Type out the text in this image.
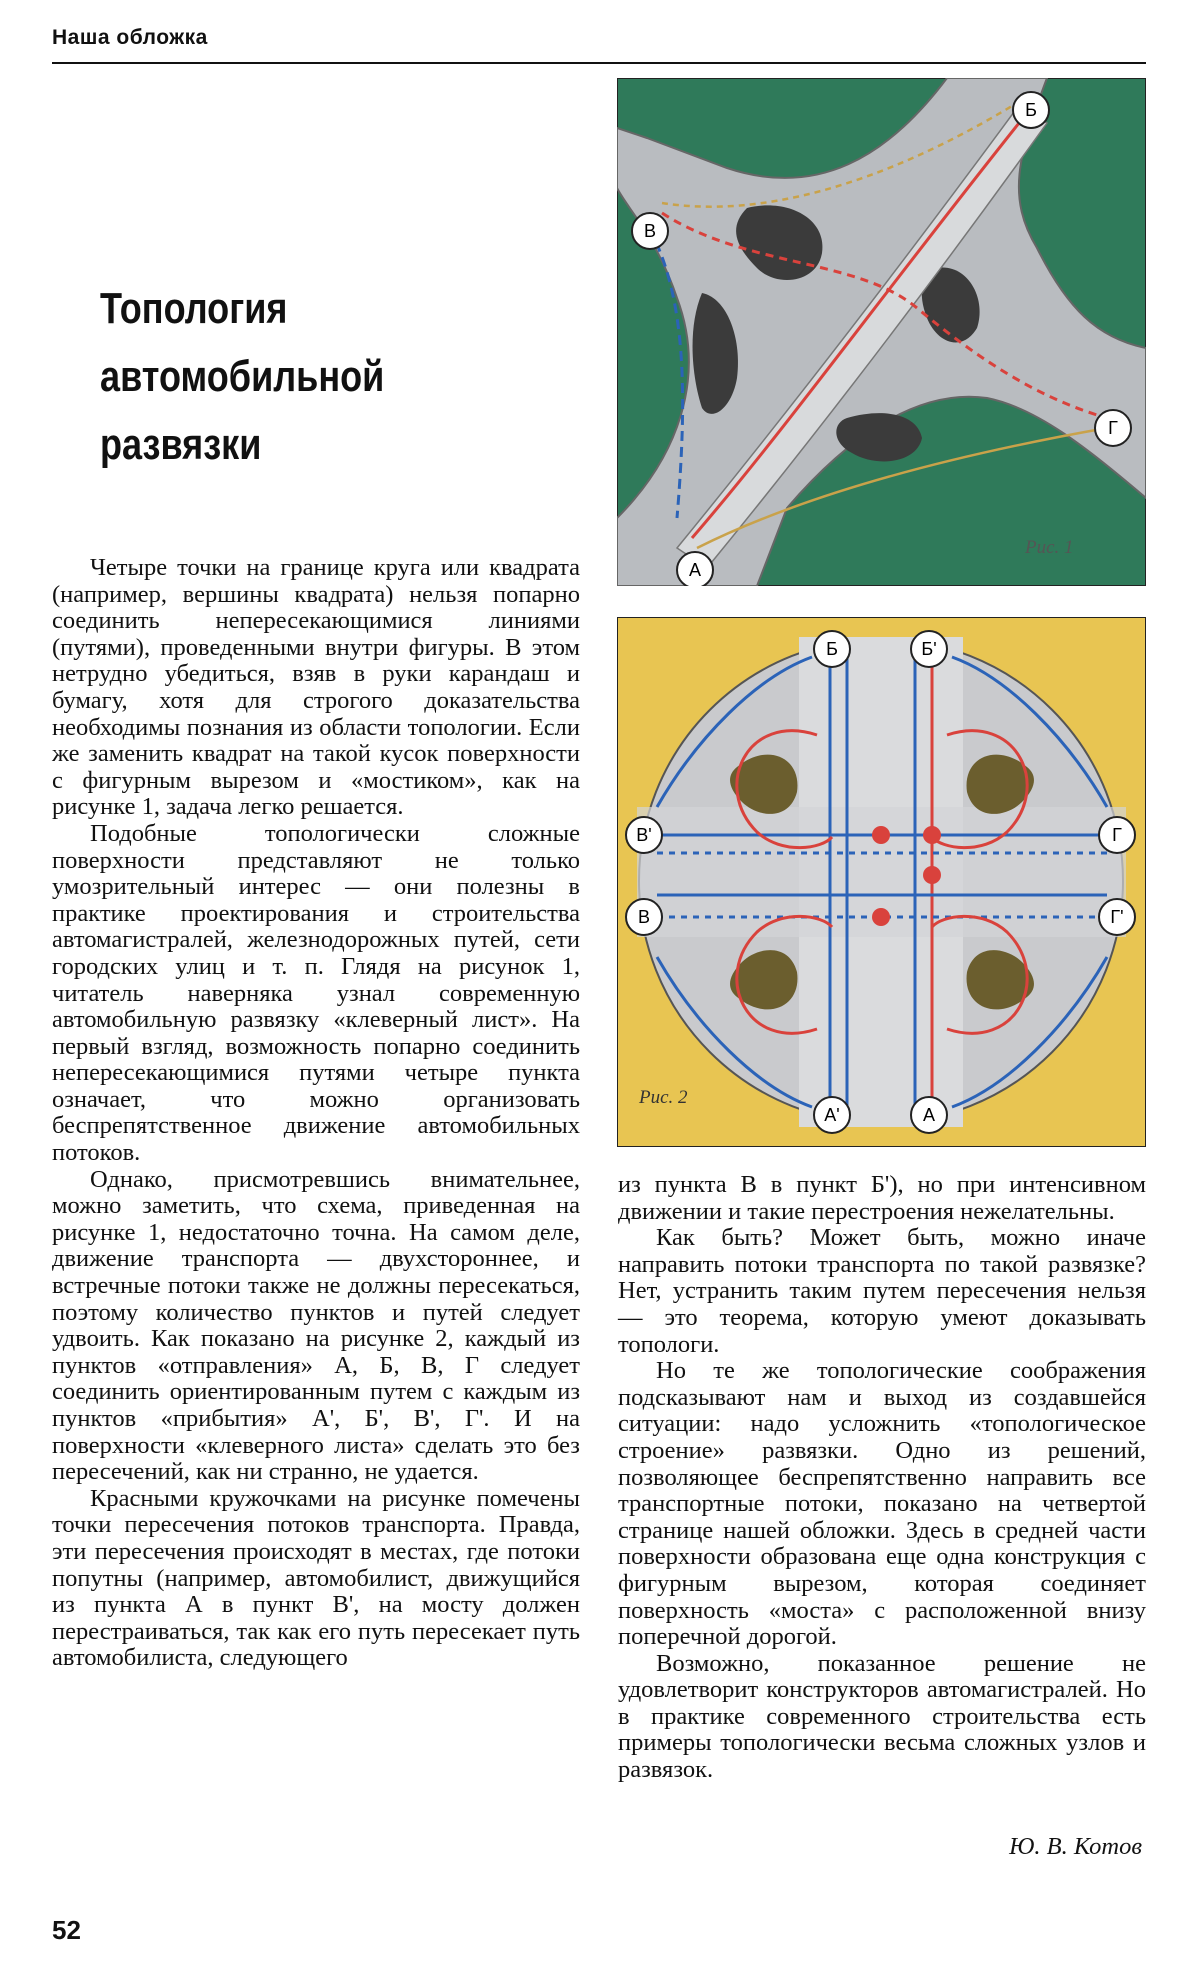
Наша обложка
Топология
автомобильной
развязки
Б
В
Г
А
Рис. 1
Б	Б'
В'	Г
В	Г'
А'	А
Рис. 2

Четыре точки на границе круга или квадрата (например, вершины квадрата) нельзя попарно соединить непересекающимися линиями (путями), проведенными внутри фигуры. В этом нетрудно убедиться, взяв в руки карандаш и бумагу, хотя для строгого доказательства необходимы познания из области топологии. Если же заменить квадрат на такой кусок поверхности с фигурным вырезом и «мостиком», как на рисунке 1, задача легко решается.

Подобные топологически сложные поверхности представляют не только умозрительный интерес — они полезны в практике проектирования и строительства автомагистралей, железнодорожных путей, сети городских улиц и т. п. Глядя на рисунок 1, читатель наверняка узнал современную автомобильную развязку «клеверный лист». На первый взгляд, возможность попарно соединить непересекающимися путями четыре пункта означает, что можно организовать беспрепятственное движение автомобильных потоков.

Однако, присмотревшись внимательнее, можно заметить, что схема, приведенная на рисунке 1, недостаточно точна. На самом деле, движение транспорта — двухстороннее, и встречные потоки также не должны пересекаться, поэтому количество пунктов и путей следует удвоить. Как показано на рисунке 2, каждый из пунктов «отправления» А, Б, В, Г следует соединить ориентированным путем с каждым из пунктов «прибытия» А', Б', В', Г'. И на поверхности «клеверного листа» сделать это без пересечений, как ни странно, не удается.

Красными кружочками на рисунке помечены точки пересечения потоков транспорта. Правда, эти пересечения происходят в местах, где потоки попутны (например, автомобилист, движущийся из пункта А в пункт В', на мосту должен перестраиваться, так как его путь пересекает путь автомобилиста, следующего

из пункта В в пункт Б'), но при интенсивном движении и такие перестроения нежелательны.

Как быть? Может быть, можно иначе направить потоки транспорта по такой развязке? Нет, устранить таким путем пересечения нельзя — это теорема, которую умеют доказывать топологи.

Но те же топологические соображения подсказывают нам и выход из создавшейся ситуации: надо усложнить «топологическое строение» развязки. Одно из решений, позволяющее беспрепятственно направить все транспортные потоки, показано на четвертой странице нашей обложки. Здесь в средней части поверхности образована еще одна конструкция с фигурным вырезом, которая соединяет поверхность «моста» с расположенной внизу поперечной дорогой.

Возможно, показанное решение не удовлетворит конструкторов автомагистралей. Но в практике современного строительства есть примеры топологически весьма сложных узлов и развязок.

Ю. В. Котов
52
